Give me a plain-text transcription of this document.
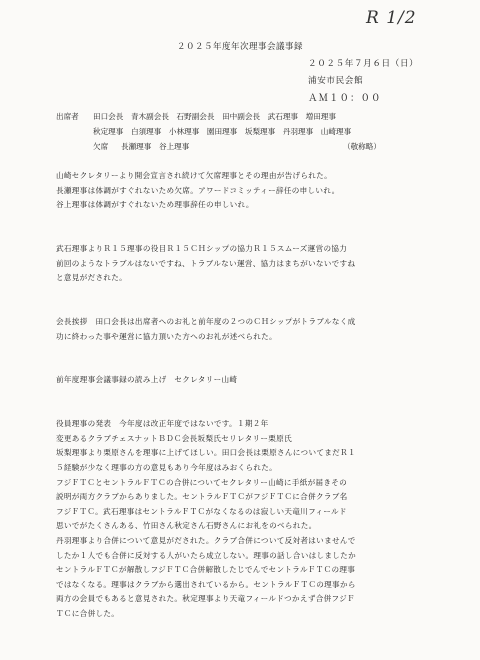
R 1/2
２０２５年度年次理事会議事録
２０２５年７月６日（日）
浦安市民会館
ＡＭ１０：００
出席者 田口会長　青木副会長　石野副会長　田中副会長　武石理事　増田理事
秋定理事　白須理事　小林理事　園田理事　坂梨理事　丹羽理事　山崎理事
欠席 長瀬理事　谷上理事	（敬称略）
山崎セクレタリーより開会宣言され続けて欠席理事とその理由が告げられた。
長瀬理事は体調がすぐれないため欠席。アワードコミッティー辞任の申しいれ。
谷上理事は体調がすぐれないため理事辞任の申しいれ。
武石理事よりＲ１５理事の役目Ｒ１５ＣＨシップの協力Ｒ１５スムーズ運営の協力
前回のようなトラブルはないですね、トラブルない運営、協力はまちがいないですね
と意見がだされた。
会長挨拶　田口会長は出席者へのお礼と前年度の２つのＣＨシップがトラブルなく成
功に終わった事や運営に協力頂いた方へのお礼が述べられた。
前年度理事会議事録の読み上げ　セクレタリー山崎
役員理事の発表　今年度は改正年度ではないです。１期２年
変更あるクラブチェスナットＢＤＣ会長坂梨氏セリレタリー栗原氏
坂梨理事より栗原さんを理事に上げてほしい。田口会長は栗原さんについてまだＲ１
５経験が少なく理事の方の意見もあり今年度はみおくられた。
フジＦＴＣとセントラルＦＴＣの合併についてセクレタリー山崎に手紙が届きその
説明が両方クラブからありました。セントラルＦＴＣがフジＦＴＣに合併クラブ名
フジＦＴＣ。武石理事はセントラルＦＴＣがなくなるのは寂しい天竜川フィールド
思いでがたくさんある、竹田さん秋定さん石野さんにお礼をのべられた。
丹羽理事より合併について意見がだされた。クラブ合併について反対者はいませんで
したか１人でも合併に反対する人がいたら成立しない。理事の話し合いはしましたか
セントラルＦＴＣが解散しフジＦＴＣ合併解散したじでんでセントラルＦＴＣの理事
ではなくなる。理事はクラブから選出されているから。セントラルＦＴＣの理事から
両方の会員でもあると意見された。秋定理事より天竜フィールドつかえず合併フジＦ
ＴＣに合併した。
